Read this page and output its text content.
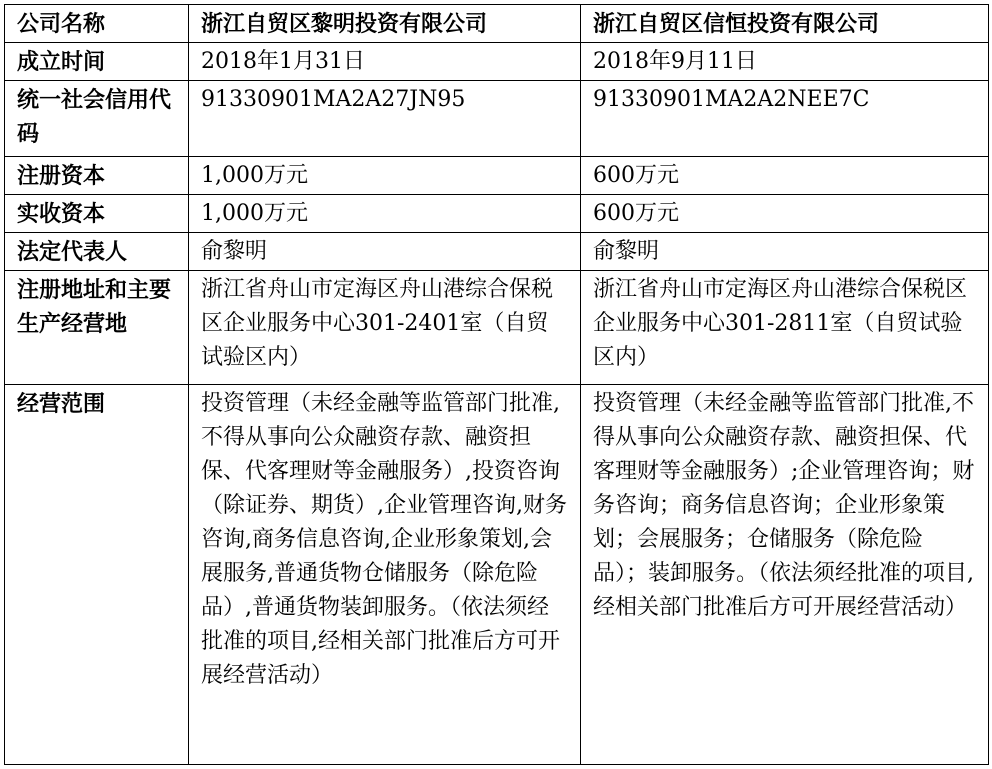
公司名称	浙江自贸区黎明投资有限公司	浙江自贸区信恒投资有限公司
成立时间	2018年1月31日	2018年9月11日
统一社会信用代码	91330901MA2A27JN95	91330901MA2A2NEE7C
注册资本	1,000万元	600万元
实收资本	1,000万元	600万元
法定代表人	俞黎明	俞黎明
注册地址和主要生产经营地	浙江省舟山市定海区舟山港综合保税区企业服务中心301-2401室（自贸试验区内）	浙江省舟山市定海区舟山港综合保税区企业服务中心301-2811室（自贸试验区内）
经营范围	投资管理（未经金融等监管部门批准,不得从事向公众融资存款、融资担保、代客理财等金融服务）,投资咨询（除证券、期货）,企业管理咨询,财务咨询,商务信息咨询,企业形象策划,会展服务,普通货物仓储服务（除危险品）,普通货物装卸服务。（依法须经批准的项目,经相关部门批准后方可开展经营活动）	投资管理（未经金融等监管部门批准,不得从事向公众融资存款、融资担保、代客理财等金融服务）;企业管理咨询；财务咨询；商务信息咨询；企业形象策划；会展服务；仓储服务（除危险品）；装卸服务。（依法须经批准的项目,经相关部门批准后方可开展经营活动）
